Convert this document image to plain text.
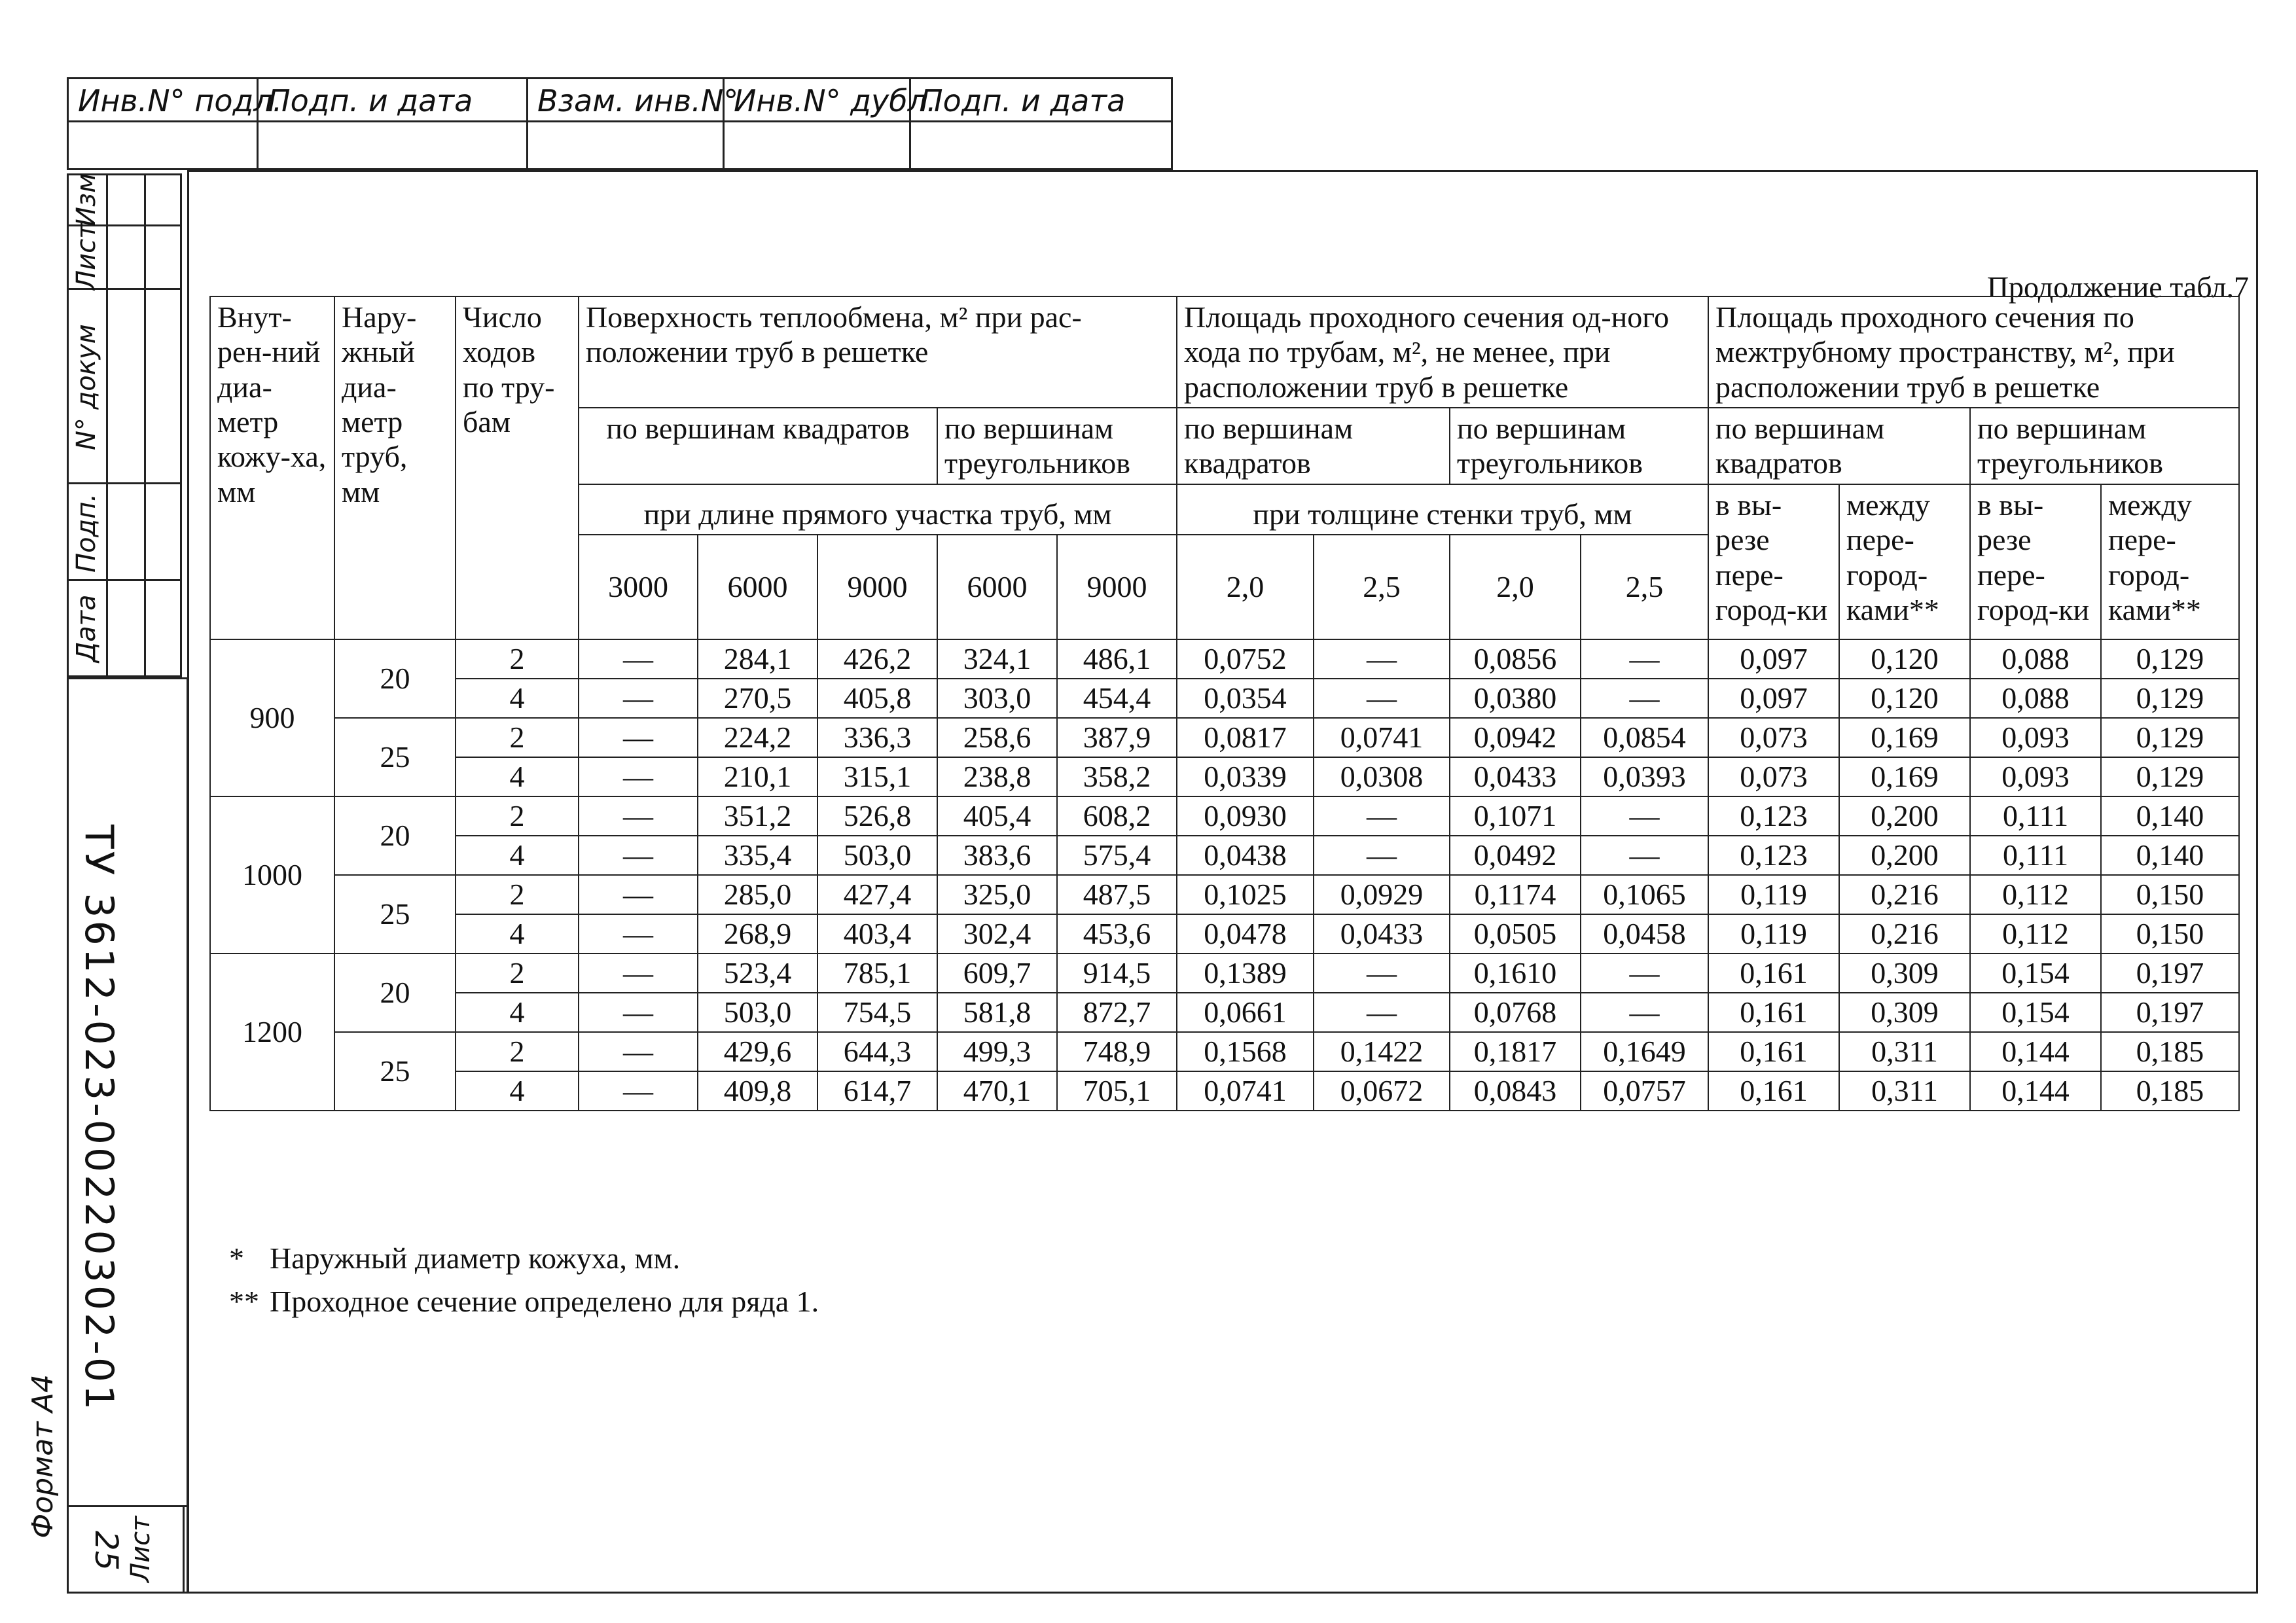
Инв.N° подл.
Подп. и дата	Взам. инв.N°
Инв.N° дубл.
Подп. и дата
Изм
Лист
N° докум
Подп.
Дата
ТУ 3612-023-00220302-01
Формат А4
Лист
25
Продолжение табл.7
Внут-рен-ний диа-метр кожу-ха, мм	Нару-жный диа-метр труб, мм	Число ходов по тру-бам	Поверхность теплообмена, м² при рас-положении труб в решетке					Площадь проходного сечения од-ного хода по трубам, м², не менее, при расположении труб в решетке				Площадь проходного сечения по межтрубному пространству, м², при расположении труб в решетке			
			по вершинам квадратов			по вершинам треугольников		по вершинам квадратов		по вершинам треугольников		по вершинам квадратов		по вершинам треугольников	
			при длине прямого участка труб, мм					при толщине стенки труб, мм				в вы-резе пере-город-ки	между пере-город-ками**	в вы-резе пере-город-ки	между пере-город-ками**

			3000	6000	9000	6000	9000	2,0	2,5	2,0	2,5				
900	20	2	—	284,1	426,2	324,1	486,1	0,0752	—	0,0856	—	0,097	0,120	0,088	0,129
		4	—	270,5	405,8	303,0	454,4	0,0354	—	0,0380	—	0,097	0,120	0,088	0,129
	25	2	—	224,2	336,3	258,6	387,9	0,0817	0,0741	0,0942	0,0854	0,073	0,169	0,093	0,129
		4	—	210,1	315,1	238,8	358,2	0,0339	0,0308	0,0433	0,0393	0,073	0,169	0,093	0,129
1000	20	2	—	351,2	526,8	405,4	608,2	0,0930	—	0,1071	—	0,123	0,200	0,111	0,140
		4	—	335,4	503,0	383,6	575,4	0,0438	—	0,0492	—	0,123	0,200	0,111	0,140
	25	2	—	285,0	427,4	325,0	487,5	0,1025	0,0929	0,1174	0,1065	0,119	0,216	0,112	0,150
		4	—	268,9	403,4	302,4	453,6	0,0478	0,0433	0,0505	0,0458	0,119	0,216	0,112	0,150
1200	20	2	—	523,4	785,1	609,7	914,5	0,1389	—	0,1610	—	0,161	0,309	0,154	0,197
		4	—	503,0	754,5	581,8	872,7	0,0661	—	0,0768	—	0,161	0,309	0,154	0,197
	25	2	—	429,6	644,3	499,3	748,9	0,1568	0,1422	0,1817	0,1649	0,161	0,311	0,144	0,185
		4	—	409,8	614,7	470,1	705,1	0,0741	0,0672	0,0843	0,0757	0,161	0,311	0,144	0,185
* Наружный диаметр кожуха, мм.
** Проходное сечение определено для ряда 1.
